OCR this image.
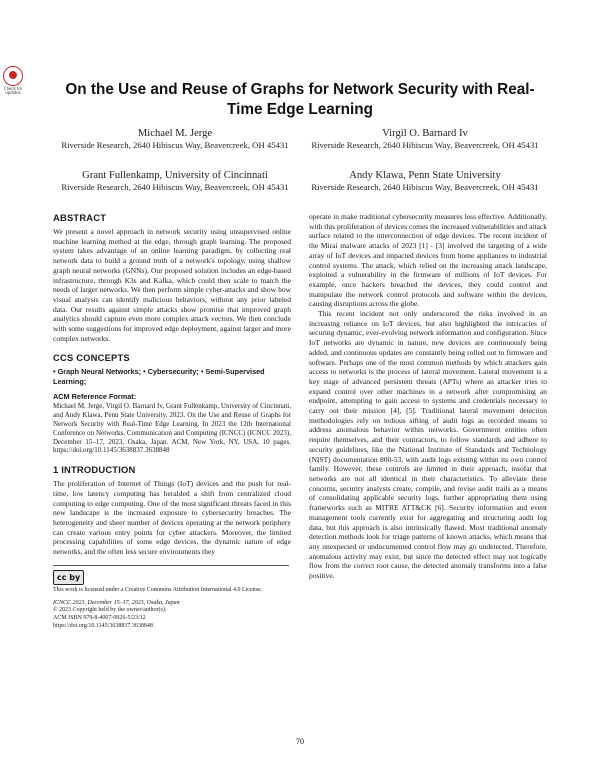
Check for updates	On the Use and Reuse of Graphs for Network Security with Real-Time Edge Learning
Michael M. Jerge
Riverside Research, 2640 Hibiscus Way, Beavercreek, OH 45431
Virgil O. Barnard Iv
Riverside Research, 2640 Hibiscus Way, Beavercreek, OH 45431
Grant Fullenkamp, University of Cincinnati
Riverside Research, 2640 Hibiscus Way, Beavercreek, OH 45431
Andy Klawa, Penn State University
Riverside Research, 2640 Hibiscus Way, Beavercreek, OH 45431
ABSTRACT

We present a novel approach in network security using unsupervised online machine learning method at the edge, through graph learning. The proposed system takes advantage of an online learning paradigm, by collecting real network data to build a ground truth of a network's topology, using shallow graph neural networks (GNNs). Our proposed solution includes an edge-based infrastructure, through K3s and Kafka, which could then scale to match the needs of larger networks. We then perform simple cyber-attacks and show how visual analysis can identify malicious behaviors, without any prior labeled data. Our results against simple attacks show promise that improved graph analytics should capture even more complex attack vectors. We then conclude with some suggestions for improved edge deployment, against larger and more complex networks.

CCS CONCEPTS
• Graph Neural Networks; • Cybersecurity; • Semi-Supervised Learning;
ACM Reference Format:

Michael M. Jerge, Virgil O. Barnard Iv, Grant Fullenkamp, University of Cincinnati, and Andy Klawa, Penn State University. 2023. On the Use and Reuse of Graphs for Network Security with Real-Time Edge Learning. In 2023 the 12th International Conference on Networks, Communication and Computing (ICNCC) (ICNCC 2023), December 15–17, 2023, Osaka, Japan. ACM, New York, NY, USA, 10 pages. https://doi.org/10.1145/3638837.3638848

1 INTRODUCTION

The proliferation of Internet of Things (IoT) devices and the push for real-time, low latency computing has heralded a shift from centralized cloud computing to edge computing. One of the most significant threats faced in this new landscape is the increased exposure to cybersecurity breaches. The heterogeneity and sheer number of devices operating at the network periphery can create various entry points for cyber attackers. Moreover, the limited processing capabilities of some edge devices, the dynamic nature of edge networks, and the often less secure environments they

cc by
This work is licensed under a Creative Commons Attribution International 4.0 License.
ICNCC 2023, December 15–17, 2023, Osaka, Japan
© 2023 Copyright held by the owner/author(s).
ACM ISBN 979-8-4007-0926-5/23/12
https://doi.org/10.1145/3638837.3638848

operate in make traditional cybersecurity measures less effective. Additionally, with this proliferation of devices comes the increased vulnerabilities and attack surface related to the interconnection of edge devices. The recent incident of the Mirai malware attacks of 2023 [1] - [3] involved the targeting of a wide array of IoT devices and impacted devices from home appliances to industrial control systems. The attack, which relied on the increasing attack landscape, exploited a vulnerability in the firmware of millions of IoT devices. For example, once hackers breached the devices, they could control and manipulate the network control protocols and software within the devices, causing disruptions across the globe.

This recent incident not only underscored the risks involved in an increasing reliance on IoT devices, but also highlighted the intricacies of securing dynamic, ever-evolving network information and configuration. Since IoT networks are dynamic in nature, new devices are continuously being added, and continuous updates are constantly being rolled out to firmware and software. Perhaps one of the most common methods by which attackers gain access to networks is the process of lateral movement. Lateral movement is a key stage of advanced persistent threats (APTs) where an attacker tries to expand control over other machines in a network after compromising an endpoint, attempting to gain access to systems and credentials necessary to carry out their mission [4], [5]. Traditional lateral movement detection methodologies rely on tedious sifting of audit logs as recorded means to address anomalous behavior within networks. Government entities often require themselves, and their contractors, to follow standards and adhere to security guidelines, like the National Institute of Standards and Technology (NIST) documentation 800-53, with audit logs existing within its own control family. However, these controls are limited in their approach, insofar that networks are not all identical in their characteristics. To alleviate these concerns, security analysts create, compile, and revise audit trails as a means of consolidating applicable security logs, further appropriating them using frameworks such as MITRE ATT&CK [6]. Security information and event management tools currently exist for aggregating and structuring audit log data, but this approach is also intrinsically flawed. Most traditional anomaly detection methods look for triage patterns of known attacks, which means that any unexpected or undocumented control flow may go undetected. Therefore, anomalous activity may exist, but since the detected effect may not logically flow from the correct root cause, the detected anomaly transforms into a false positive.

70
